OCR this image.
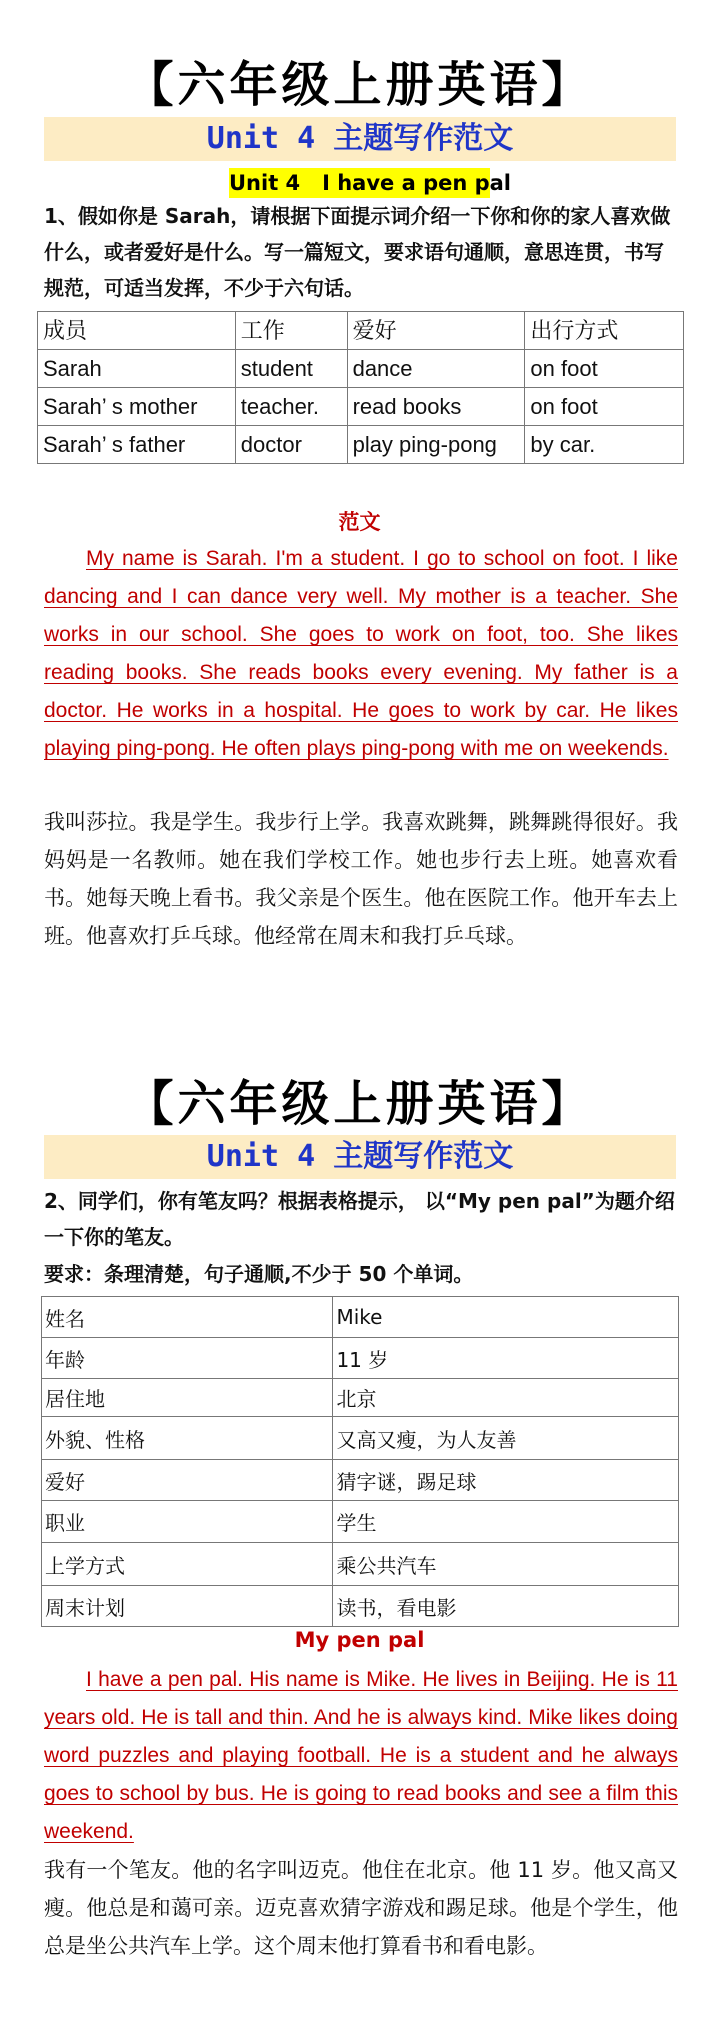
【六年级上册英语】
Unit 4 主题写作范文
Unit 4   I have a pen pal

1、假如你是 Sarah，请根据下面提示词介绍一下你和你的家人喜欢做什么，或者爱好是什么。写一篇短文，要求语句通顺，意思连贯，书写规范，可适当发挥，不少于六句话。

成员	工作	爱好	出行方式
Sarah	student	dance	on foot
Sarah’ s mother	teacher.	read books	on foot
Sarah’ s father	doctor	play ping-pong	by car.
范文

My name is Sarah. I'm a student. I go to school on foot. I like dancing and I can dance very well. My mother is a teacher. She works in our school. She goes to work on foot, too. She likes reading books. She reads books every evening. My father is a doctor. He works in a hospital. He goes to work by car. He likes playing ping-pong. He often plays ping-pong with me on weekends.

我叫莎拉。我是学生。我步行上学。我喜欢跳舞，跳舞跳得很好。我妈妈是一名教师。她在我们学校工作。她也步行去上班。她喜欢看书。她每天晚上看书。我父亲是个医生。他在医院工作。他开车去上班。他喜欢打乒乓球。他经常在周末和我打乒乓球。

【六年级上册英语】
Unit 4 主题写作范文

2、同学们，你有笔友吗？根据表格提示， 以“My pen pal”为题介绍一下你的笔友。

要求：条理清楚，句子通顺,不少于 50 个单词。

姓名	Mike
年龄	11 岁
居住地	北京
外貌、性格	又高又瘦，为人友善
爱好	猜字谜，踢足球
职业	学生
上学方式	乘公共汽车
周末计划	读书，看电影
My pen pal

I have a pen pal. His name is Mike. He lives in Beijing. He is 11 years old. He is tall and thin. And he is always kind. Mike likes doing word puzzles and playing football. He is a student and he always goes to school by bus. He is going to read books and see a film this weekend.

我有一个笔友。他的名字叫迈克。他住在北京。他 11 岁。他又高又瘦。他总是和蔼可亲。迈克喜欢猜字游戏和踢足球。他是个学生，他总是坐公共汽车上学。这个周末他打算看书和看电影。
